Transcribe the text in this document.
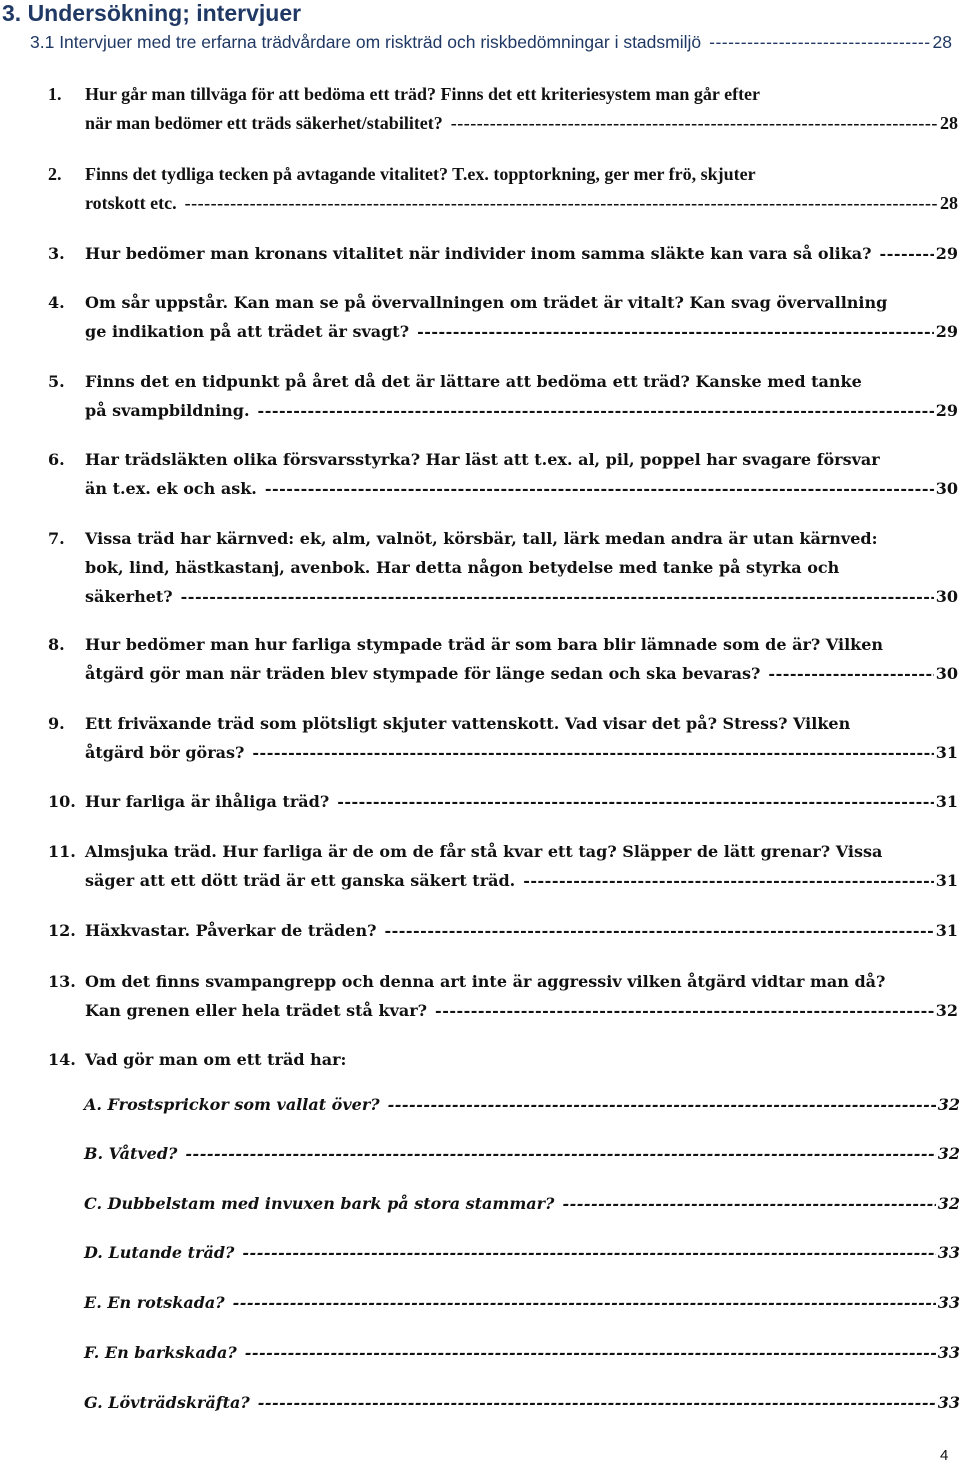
3. Undersökning; intervjuer
3.1 Intervjuer med tre erfarna trädvårdare om riskträd och riskbedömningar i stadsmiljö -----	28
1.	Hur går man tillväga för att bedöma ett träd? Finns det ett kriteriesystem man går efter
när man bedömer ett träds säkerhet/stabilitet? -----	28
2.	Finns det tydliga tecken på avtagande vitalitet? T.ex. topptorkning, ger mer frö, skjuter
rotskott etc. -----	28
3.	Hur bedömer man kronans vitalitet när individer inom samma släkte kan vara så olika? -----	29
4.	Om sår uppstår. Kan man se på övervallningen om trädet är vitalt? Kan svag övervallning
ge indikation på att trädet är svagt? -----	29
5.	Finns det en tidpunkt på året då det är lättare att bedöma ett träd? Kanske med tanke
på svampbildning. -----	29
6.	Har trädsläkten olika försvarsstyrka? Har läst att t.ex. al, pil, poppel har svagare försvar
än t.ex. ek och ask. -----	30
7.	Vissa träd har kärnved: ek, alm, valnöt, körsbär, tall, lärk medan andra är utan kärnved:
bok, lind, hästkastanj, avenbok. Har detta någon betydelse med tanke på styrka och
säkerhet? -----	30
8.	Hur bedömer man hur farliga stympade träd är som bara blir lämnade som de är? Vilken
åtgärd gör man när träden blev stympade för länge sedan och ska bevaras? -----	30
9.	Ett friväxande träd som plötsligt skjuter vattenskott. Vad visar det på? Stress? Vilken
åtgärd bör göras? -----	31
10. Hur farliga är ihåliga träd? -----	31
11. Almsjuka träd. Hur farliga är de om de får stå kvar ett tag? Släpper de lätt grenar? Vissa
säger att ett dött träd är ett ganska säkert träd. -----	31
12. Häxkvastar. Påverkar de träden? -----	31
13. Om det finns svampangrepp och denna art inte är aggressiv vilken åtgärd vidtar man då?
Kan grenen eller hela trädet stå kvar? -----	32
14. Vad gör man om ett träd har:
A. Frostsprickor som vallat över? -----	32
B. Våtved? -----	32
C. Dubbelstam med invuxen bark på stora stammar? -----	32
D. Lutande träd? -----	33
E. En rotskada? -----	33
F. En barkskada? -----	33
G. Lövträdskräfta? -----	33
4
